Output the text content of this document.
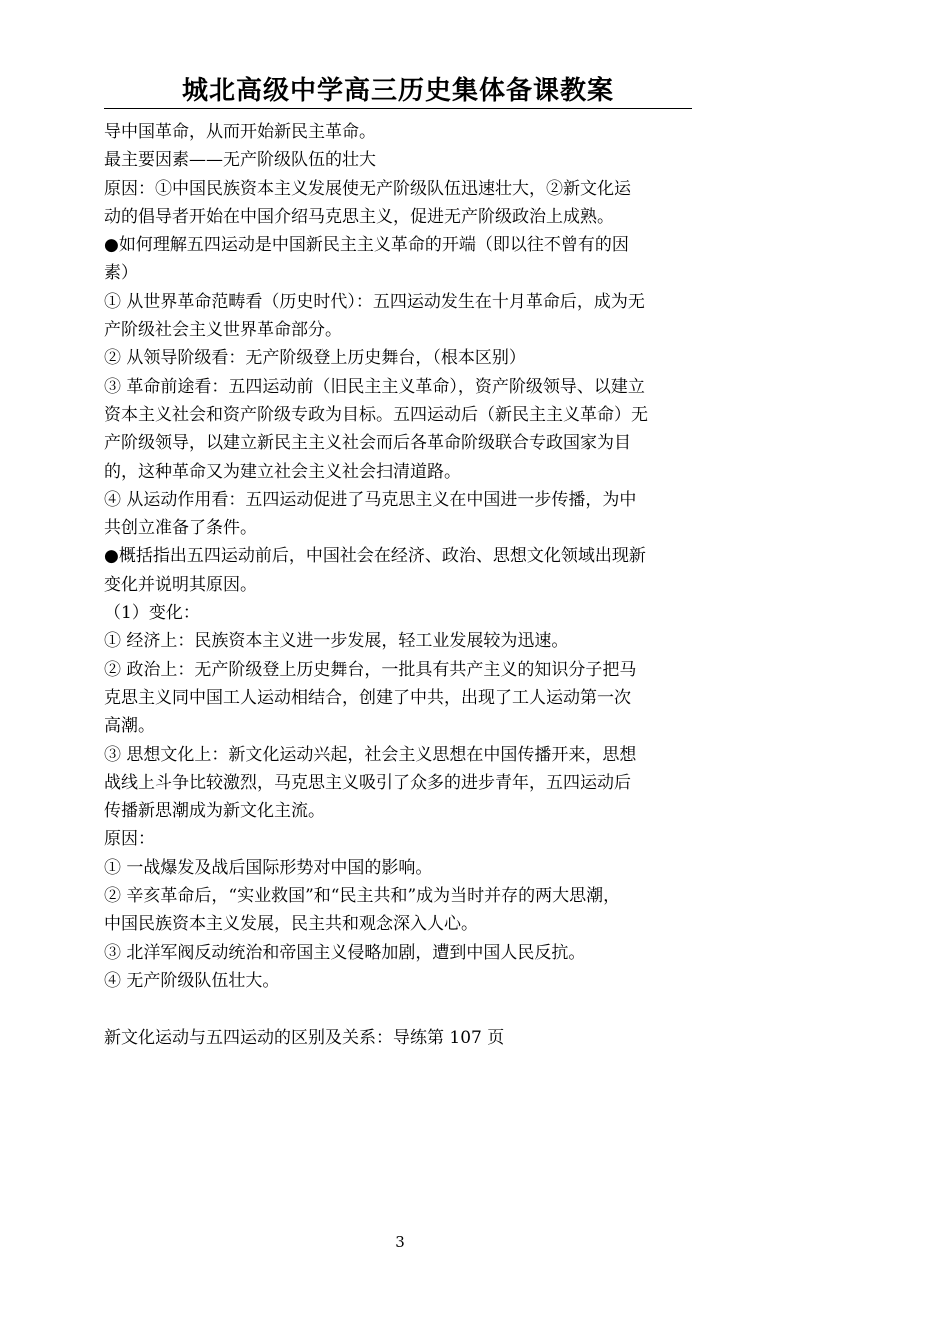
城北高级中学高三历史集体备课教案
导中国革命，从而开始新民主革命。
最主要因素——无产阶级队伍的壮大
原因：①中国民族资本主义发展使无产阶级队伍迅速壮大，②新文化运
动的倡导者开始在中国介绍马克思主义，促进无产阶级政治上成熟。
●如何理解五四运动是中国新民主主义革命的开端（即以往不曾有的因
素）
① 从世界革命范畴看（历史时代）：五四运动发生在十月革命后，成为无
产阶级社会主义世界革命部分。
② 从领导阶级看：无产阶级登上历史舞台，（根本区别）
③ 革命前途看：五四运动前（旧民主主义革命），资产阶级领导、以建立
资本主义社会和资产阶级专政为目标。五四运动后（新民主主义革命）无
产阶级领导，以建立新民主主义社会而后各革命阶级联合专政国家为目
的，这种革命又为建立社会主义社会扫清道路。
④ 从运动作用看：五四运动促进了马克思主义在中国进一步传播，为中
共创立准备了条件。
●概括指出五四运动前后，中国社会在经济、政治、思想文化领域出现新
变化并说明其原因。
（1）变化：
① 经济上：民族资本主义进一步发展，轻工业发展较为迅速。
② 政治上：无产阶级登上历史舞台，一批具有共产主义的知识分子把马
克思主义同中国工人运动相结合，创建了中共，出现了工人运动第一次
高潮。
③ 思想文化上：新文化运动兴起，社会主义思想在中国传播开来，思想
战线上斗争比较激烈，马克思主义吸引了众多的进步青年，五四运动后
传播新思潮成为新文化主流。
原因：
① 一战爆发及战后国际形势对中国的影响。
② 辛亥革命后，“实业救国”和“民主共和”成为当时并存的两大思潮，
中国民族资本主义发展，民主共和观念深入人心。
③ 北洋军阀反动统治和帝国主义侵略加剧，遭到中国人民反抗。
④ 无产阶级队伍壮大。
新文化运动与五四运动的区别及关系：导练第 107 页
3
